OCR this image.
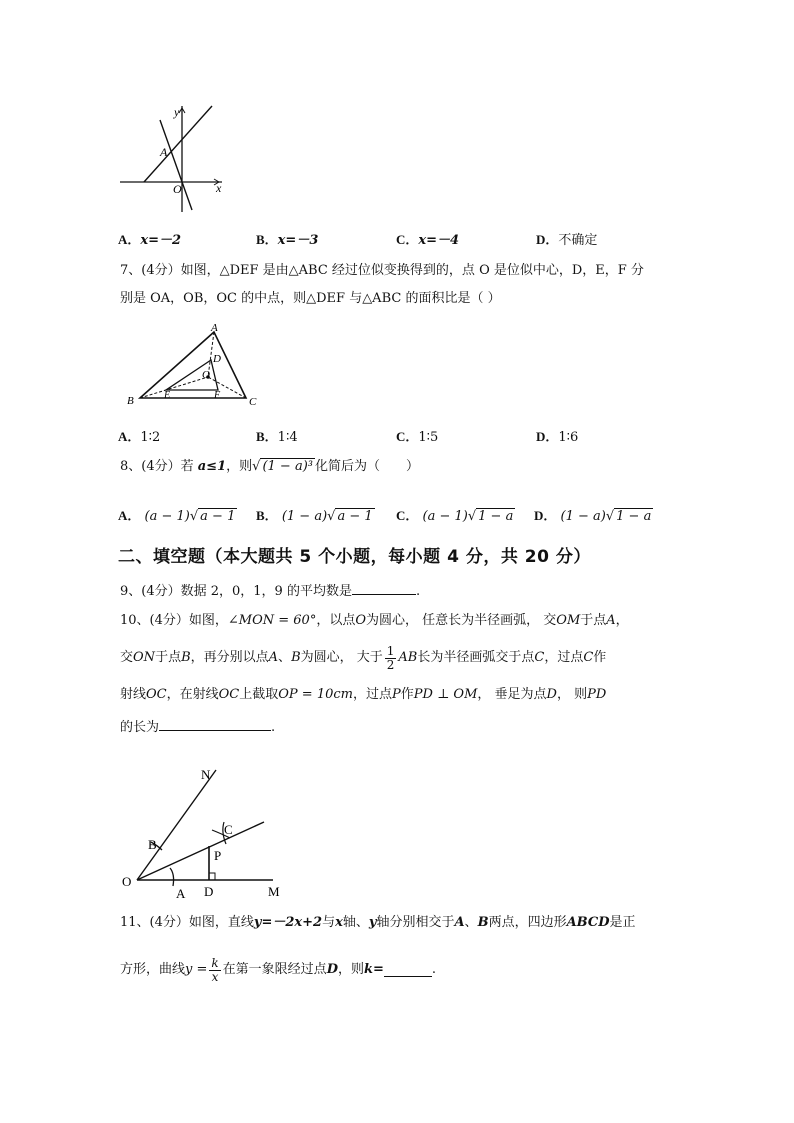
y
x
A
O
A．x=－2	B．x=－3	C．x=－4	D．不确定
7、(4分）如图，△DEF 是由△ABC 经过位似变换得到的，点 O 是位似中心，D，E，F 分
别是 OA，OB，OC 的中点，则△DEF 与△ABC 的面积比是（ ）
A
B	C
D
E	F
O
A．1∶2	B．1∶4	C．1∶5	D．1∶6
8、(4分）若 a≤1，则√ (1 − a)³ 化简后为（　　）
A． (a − 1)√ a − 1 B． (1 − a)√ a − 1 C． (a − 1)√ 1 − a D． (1 − a)√ 1 − a
二、填空题（本大题共 5 个小题，每小题 4 分，共 20 分）
9、(4分）数据 2，0，1，9 的平均数是	.
10、(4分）如图，∠MON = 60°，以点O为圆心， 任意长为半径画弧， 交OM于点A，
交 ON 于点 B ，再分别以点 A 、 B 为圆心， 大于 $\frac{1}{2}$ AB 长为半径画弧交于点 C ，过点 C 作
射线OC，在射线OC上截取OP = 10cm，过点P作PD ⊥ OM， 垂足为点D， 则PD
的长为	.
N
B
C
P
O
A D	M
11、(4分）如图，直线y=－2x+2与x轴、y轴分别相交于A、B两点，四边形ABCD是正
方形，曲线 $y = \frac{k}{x}$ 在第一象限经过点 D ，则 k=	.
